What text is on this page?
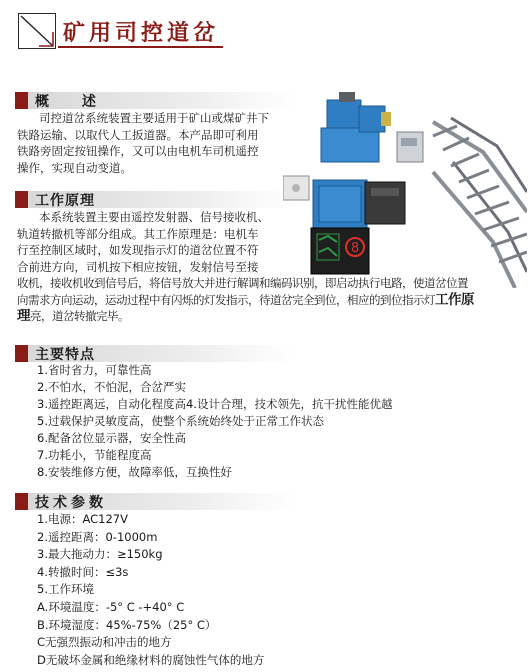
矿用司控道岔
概 述
司控道岔系统装置主要适用于矿山或煤矿井下
铁路运输、以取代人工扳道器。本产品即可利用
铁路旁固定按钮操作，又可以由电机车司机遥控
操作，实现自动变道。
工作原理
本系统装置主要由遥控发射器、信号接收机、
轨道转撤机等部分组成。其工作原理是：电机车
行至控制区域时，如发现指示灯的道岔位置不符
合前进方向，司机按下相应按钮，发射信号至接
收机，接收机收到信号后，将信号放大并进行解调和编码识别，即启动执行电路，使道岔位置
向需求方向运动，运动过程中有闪烁的灯发指示，待道岔完全到位，相应的到位指示灯工作原
理亮，道岔转撤完毕。
主要特点
1.省时省力，可靠性高
2.不怕水，不怕泥，合岔严实
3.遥控距离远，自动化程度高4.设计合理，技术领先，抗干扰性能优越
5.过载保护灵敏度高，使整个系统始终处于正常工作状态
6.配备岔位显示器，安全性高
7.功耗小，节能程度高
8.安装维修方便，故障率低，互换性好
技术参数
1.电源：AC127V
2.遥控距离：0-1000m
3.最大拖动力：≥150kg
4.转撤时间：≤3s
5.工作环境
A.环境温度：-5° C -+40° C
B.环境湿度：45%-75%（25° C）
C无强烈振动和冲击的地方
D无破坏金属和绝缘材料的腐蚀性气体的地方
8
